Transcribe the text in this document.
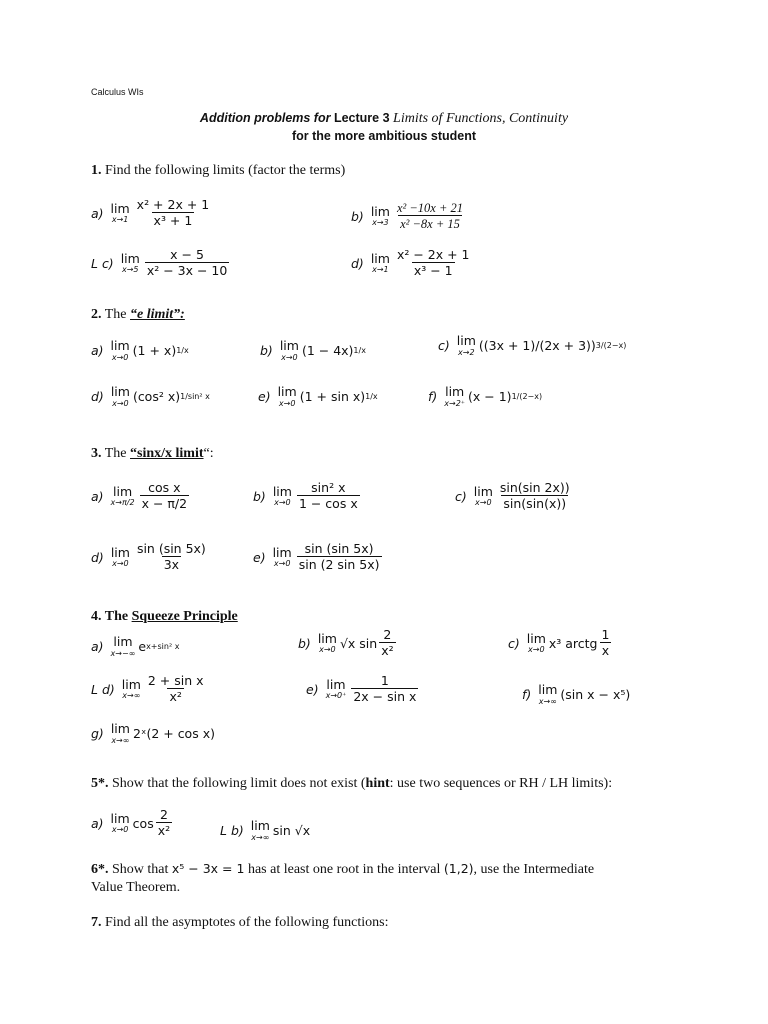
Calculus WIs
Addition problems for Lecture 3 Limits of Functions, Continuity
for the more ambitious student
1. Find the following limits (factor the terms)
a) lim
$x\to 1 \frac{\text{x² + 2x + 1}}{\text{x³ + 1}}$	b) lim
$x\to 3 \frac{\text{x² −10x + 21}}{\text{x² −8x + 15}}$
L c) lim
$x\to 5 \frac{x - 5}{\text{x² − 3x − 10}}$	d) lim
$x\to 1 \frac{\text{x² − 2x + 1}}{\text{x³ − 1}}$
2. The “e limit”:
a) lim
x→0 (1 + x) 1/x	b) lim
x→0 (1 − 4x) 1/x	c) lim
x→2 ((3x + 1)/(2x + 3)) 3/(2−x)
d) lim
x→0 (cos² x) 1/sin² x	e) lim
x→0 (1 + sin x) 1/x	f) lim
x→2⁺ (x − 1) 1/(2−x)
3. The “sinx/x limit“:
a) lim
$x\to\pi/2 \frac{\text{cos x}}{x - \pi/2}$	b) lim
$x\to 0 \frac{\text{sin² x}}{\text{1 − cos x}}$	c) lim
$x\to 0 \frac{\sin(\sin 2x))}{\sin(\sin(x))}$
d) lim
$x\to 0 \frac{\sin (\sin 5x)}{3x}$	e) lim
$x\to 0 \frac{\sin (\sin 5x)}{\sin (2 \sin 5x)}$
4. The Squeeze Principle
a) lim
x→−∞ e x+sin² x	b) lim
x→0 √x $\sin \frac{2}{\text{x²}}$	c) lim
x→0 x³ arctg $\frac{1}{x}$
L d) lim
$x\to\infty \frac{\text{2 + sin x}}{\text{x²}}$	e) lim
$x\to 0^+ \frac{1}{\text{2x − sin x}}$	f) lim
x→∞ (sin x − x⁵)
g) lim
x→∞ 2ˣ(2 + cos x)
5*. Show that the following limit does not exist (hint: use two sequences or RH / LH limits):
a) lim
x→0 $\cos \frac{2}{\text{x²}}$	L b) lim
x→∞ sin √x
6*. Show that x⁵ − 3x = 1 has at least one root in the interval (1,2), use the Intermediate
Value Theorem.
7. Find all the asymptotes of the following functions:
